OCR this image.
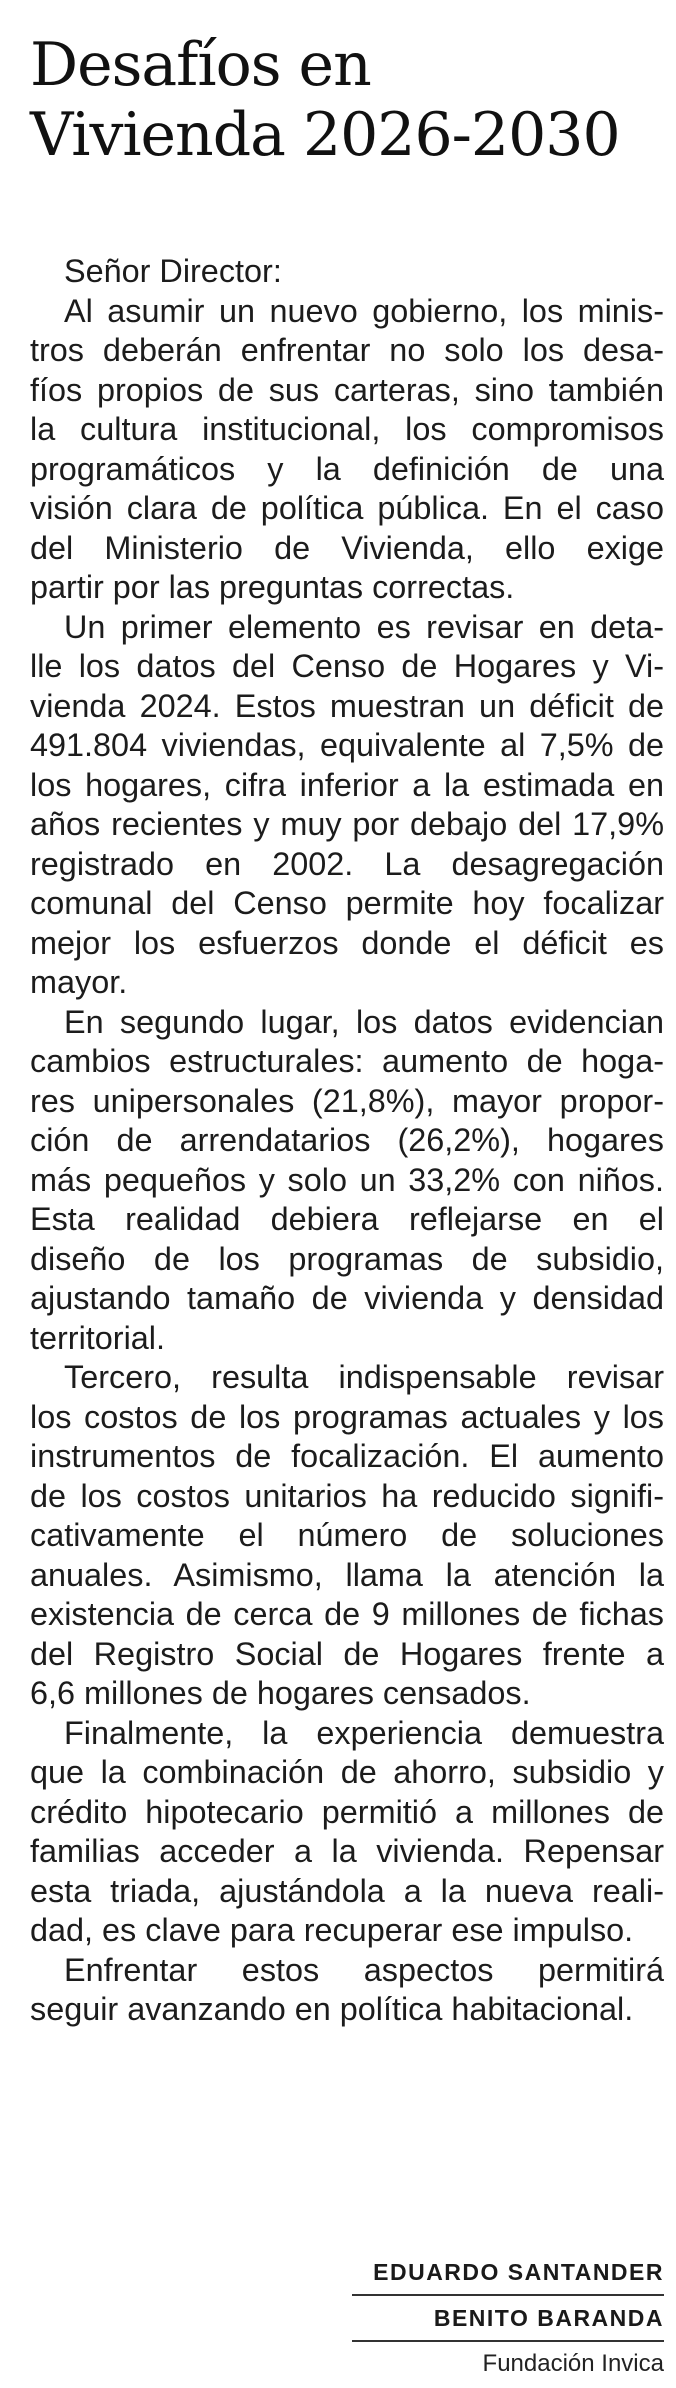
Desafíos en
Vivienda 2026-2030

Señor Director:

Al asumir un nuevo gobierno, los minis-
tros deberán enfrentar no solo los desa-
fíos propios de sus carteras, sino también
la cultura institucional, los compromisos
programáticos y la definición de una
visión clara de política pública. En el caso
del Ministerio de Vivienda, ello exige
partir por las preguntas correctas.

Un primer elemento es revisar en deta-
lle los datos del Censo de Hogares y Vi-
vienda 2024. Estos muestran un déficit de
491.804 viviendas, equivalente al 7,5% de
los hogares, cifra inferior a la estimada en
años recientes y muy por debajo del 17,9%
registrado en 2002. La desagregación
comunal del Censo permite hoy focalizar
mejor los esfuerzos donde el déficit es
mayor.

En segundo lugar, los datos evidencian
cambios estructurales: aumento de hoga-
res unipersonales (21,8%), mayor propor-
ción de arrendatarios (26,2%), hogares
más pequeños y solo un 33,2% con niños.
Esta realidad debiera reflejarse en el
diseño de los programas de subsidio,
ajustando tamaño de vivienda y densidad
territorial.

Tercero, resulta indispensable revisar
los costos de los programas actuales y los
instrumentos de focalización. El aumento
de los costos unitarios ha reducido signifi-
cativamente el número de soluciones
anuales. Asimismo, llama la atención la
existencia de cerca de 9 millones de fichas
del Registro Social de Hogares frente a
6,6 millones de hogares censados.

Finalmente, la experiencia demuestra
que la combinación de ahorro, subsidio y
crédito hipotecario permitió a millones de
familias acceder a la vivienda. Repensar
esta triada, ajustándola a la nueva reali-
dad, es clave para recuperar ese impulso.

Enfrentar estos aspectos permitirá
seguir avanzando en política habitacional.

EDUARDO SANTANDER
BENITO BARANDA
Fundación Invica
